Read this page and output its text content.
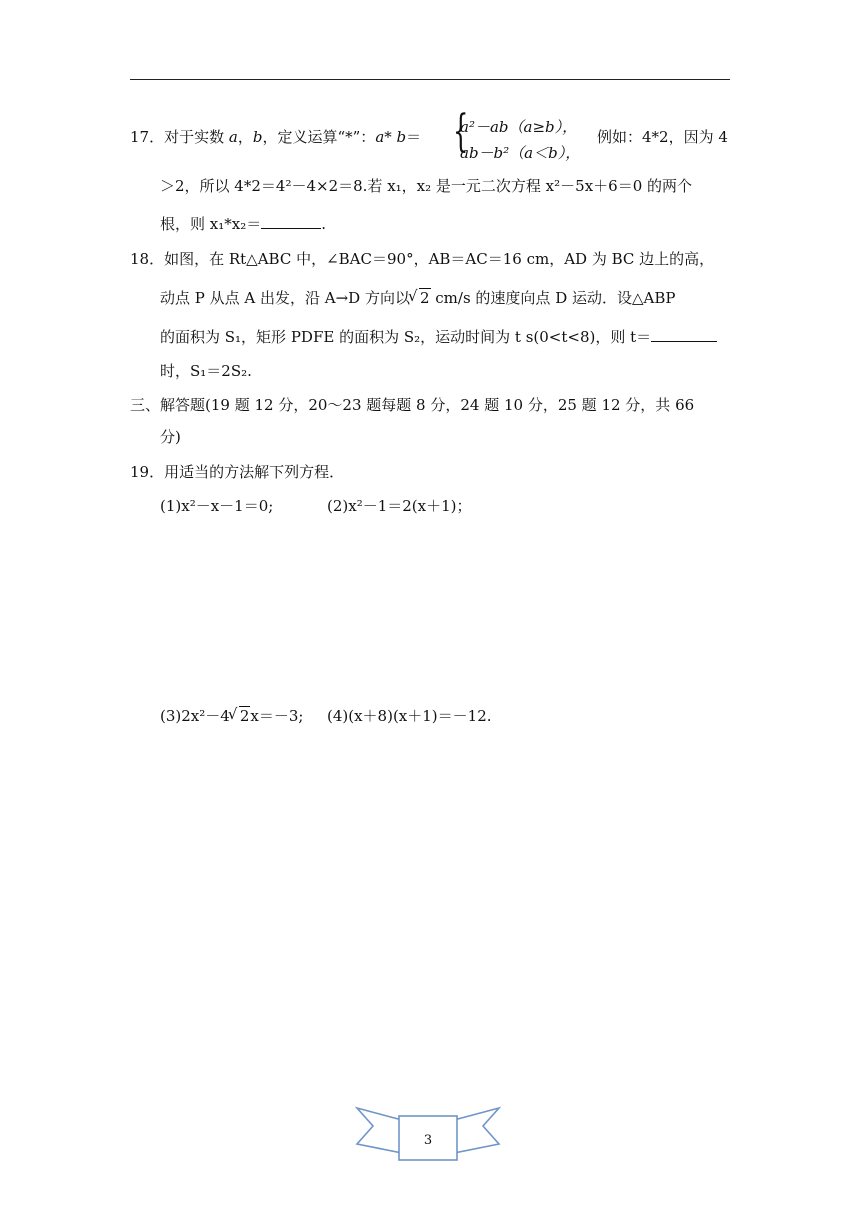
17．对于实数 a，b，定义运算“*”：a* b＝ {
a²－ab（a≥b），
ab－b²（a＜b），
例如：4*2，因为 4
＞2，所以 4*2＝4²－4×2＝8.若 x₁，x₂ 是一元二次方程 x²－5x＋6＝0 的两个
根，则 x₁*x₂＝	.
18．如图，在 Rt△ABC 中，∠BAC＝90°，AB＝AC＝16 cm，AD 为 BC 边上的高，
动点 P 从点 A 出发，沿 A→D 方向以 √ 2 cm/s 的速度向点 D 运动．设△ABP
的面积为 S₁，矩形 PDFE 的面积为 S₂，运动时间为 t s(0<t<8)，则 t＝
时，S₁＝2S₂.
三、解答题(19 题 12 分，20～23 题每题 8 分，24 题 10 分，25 题 12 分，共 66
分)
19．用适当的方法解下列方程．
(1)x²－x－1＝0;	(2)x²－1＝2(x＋1)；
(3)2x²－4 √ 2x＝－3; (4)(x＋8)(x＋1)＝－12.
3
